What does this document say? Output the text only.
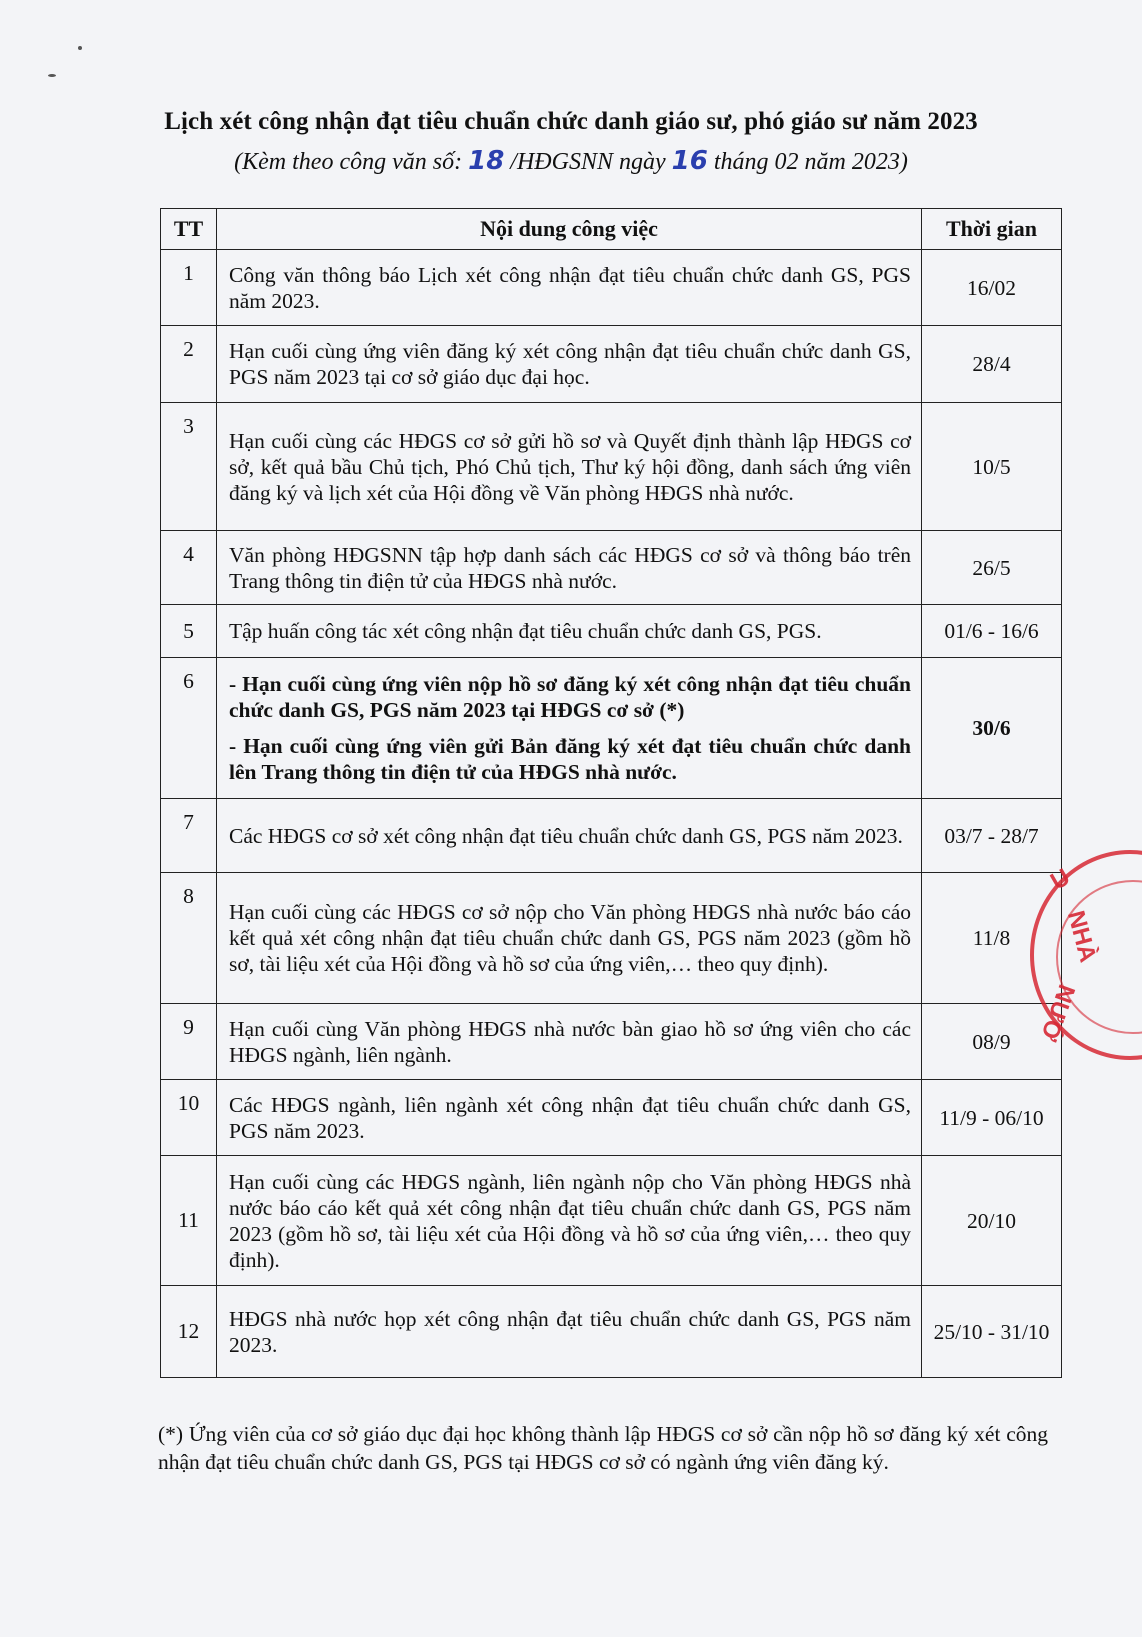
Lịch xét công nhận đạt tiêu chuẩn chức danh giáo sư, phó giáo sư năm 2023
(Kèm theo công văn số: 18 /HĐGSNN ngày 16 tháng 02 năm 2023)
TT	Nội dung công việc	Thời gian
1	Công văn thông báo Lịch xét công nhận đạt tiêu chuẩn chức danh GS, PGS năm 2023.	16/02
2	Hạn cuối cùng ứng viên đăng ký xét công nhận đạt tiêu chuẩn chức danh GS, PGS năm 2023 tại cơ sở giáo dục đại học.	28/4
3	Hạn cuối cùng các HĐGS cơ sở gửi hồ sơ và Quyết định thành lập HĐGS cơ sở, kết quả bầu Chủ tịch, Phó Chủ tịch, Thư ký hội đồng, danh sách ứng viên đăng ký và lịch xét của Hội đồng về Văn phòng HĐGS nhà nước.	10/5
4	Văn phòng HĐGSNN tập hợp danh sách các HĐGS cơ sở và thông báo trên Trang thông tin điện tử của HĐGS nhà nước.	26/5
5	Tập huấn công tác xét công nhận đạt tiêu chuẩn chức danh GS, PGS.	01/6 - 16/6
6	- Hạn cuối cùng ứng viên nộp hồ sơ đăng ký xét công nhận đạt tiêu chuẩn chức danh GS, PGS năm 2023 tại HĐGS cơ sở (*)

- Hạn cuối cùng ứng viên gửi Bản đăng ký xét đạt tiêu chuẩn chức danh lên Trang thông tin điện tử của HĐGS nhà nước.	30/6
7	Các HĐGS cơ sở xét công nhận đạt tiêu chuẩn chức danh GS, PGS năm 2023.	03/7 - 28/7
8	Hạn cuối cùng các HĐGS cơ sở nộp cho Văn phòng HĐGS nhà nước báo cáo kết quả xét công nhận đạt tiêu chuẩn chức danh GS, PGS năm 2023 (gồm hồ sơ, tài liệu xét của Hội đồng và hồ sơ của ứng viên,… theo quy định).	11/8
9	Hạn cuối cùng Văn phòng HĐGS nhà nước bàn giao hồ sơ ứng viên cho các HĐGS ngành, liên ngành.	08/9
10	Các HĐGS ngành, liên ngành xét công nhận đạt tiêu chuẩn chức danh GS, PGS năm 2023.	11/9 - 06/10
11	Hạn cuối cùng các HĐGS ngành, liên ngành nộp cho Văn phòng HĐGS nhà nước báo cáo kết quả xét công nhận đạt tiêu chuẩn chức danh GS, PGS năm 2023 (gồm hồ sơ, tài liệu xét của Hội đồng và hồ sơ của ứng viên,… theo quy định).	20/10
12	HĐGS nhà nước họp xét công nhận đạt tiêu chuẩn chức danh GS, PGS năm 2023.	25/10 - 31/10
(*) Ứng viên của cơ sở giáo dục đại học không thành lập HĐGS cơ sở cần nộp hồ sơ đăng ký xét công nhận đạt tiêu chuẩn chức danh GS, PGS tại HĐGS cơ sở có ngành ứng viên đăng ký.
U
NHÀ
NƯỚ
